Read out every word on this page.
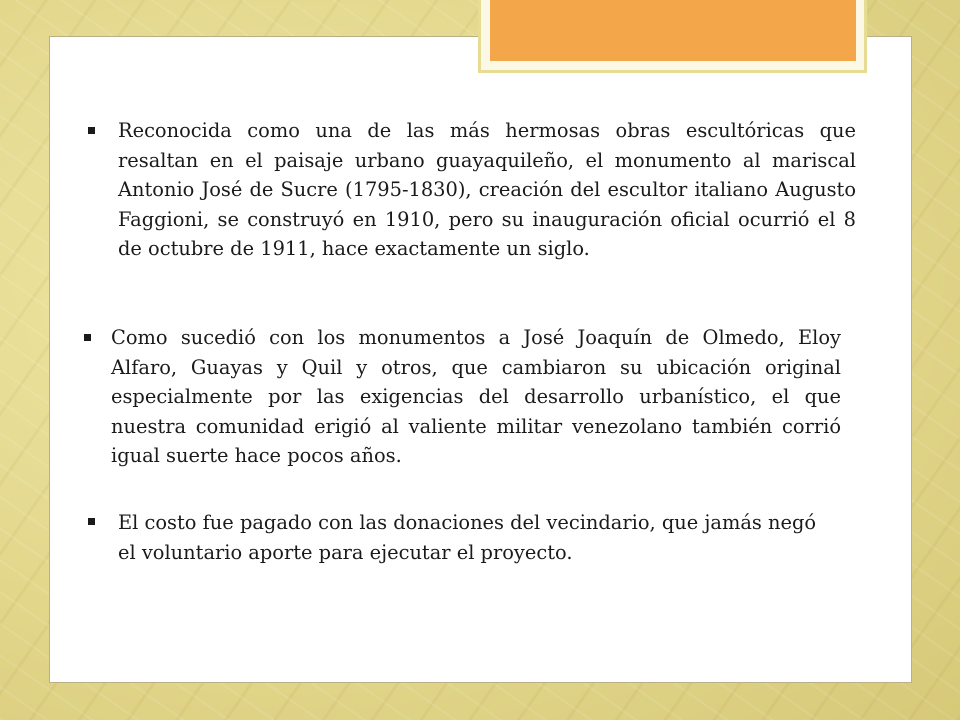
Reconocida como una de las más hermosas obras escultóricas que resaltan en el paisaje urbano guayaquileño, el monumento al mariscal Antonio José de Sucre (1795-1830), creación del escultor italiano Augusto Faggioni, se construyó en 1910, pero su inauguración oficial ocurrió el 8 de octubre de 1911, hace exactamente un siglo.

Como sucedió con los monumentos a José Joaquín de Olmedo, Eloy Alfaro, Guayas y Quil y otros, que cambiaron su ubicación original especialmente por las exigencias del desarrollo urbanístico, el que nuestra comunidad erigió al valiente militar venezolano también corrió igual suerte hace pocos años.

El costo fue pagado con las donaciones del vecindario, que jamás negó el voluntario aporte para ejecutar el proyecto.
